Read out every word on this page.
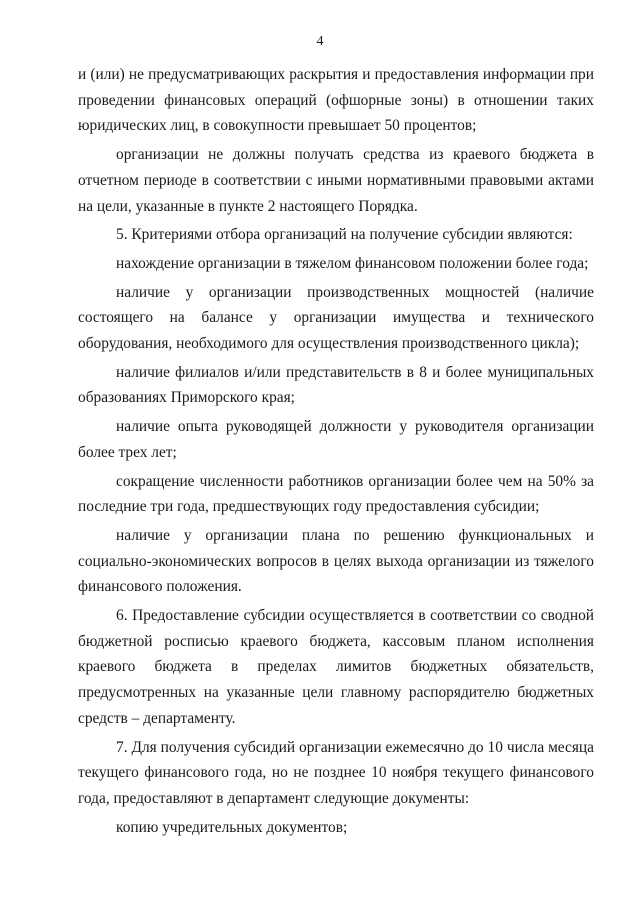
4

и (или) не предусматривающих раскрытия и предоставления информации при проведении финансовых операций (офшорные зоны) в отношении таких юридических лиц, в совокупности превышает 50 процентов;

организации не должны получать средства из краевого бюджета в отчетном периоде в соответствии с иными нормативными правовыми актами на цели, указанные в пункте 2 настоящего Порядка.

5. Критериями отбора организаций на получение субсидии являются:

нахождение организации в тяжелом финансовом положении более года;

наличие у организации производственных мощностей (наличие состоящего на балансе у организации имущества и технического оборудования, необходимого для осуществления производственного цикла);

наличие филиалов и/или представительств в 8 и более муниципальных образованиях Приморского края;

наличие опыта руководящей должности у руководителя организации более трех лет;

сокращение численности работников организации более чем на 50% за последние три года, предшествующих году предоставления субсидии;

наличие у организации плана по решению функциональных и социально-экономических вопросов в целях выхода организации из тяжелого финансового положения.

6. Предоставление субсидии осуществляется в соответствии со сводной бюджетной росписью краевого бюджета, кассовым планом исполнения краевого бюджета в пределах лимитов бюджетных обязательств, предусмотренных на указанные цели главному распорядителю бюджетных средств – департаменту.

7. Для получения субсидий организации ежемесячно до 10 числа месяца текущего финансового года, но не позднее 10 ноября текущего финансового года, предоставляют в департамент следующие документы:

копию учредительных документов;
